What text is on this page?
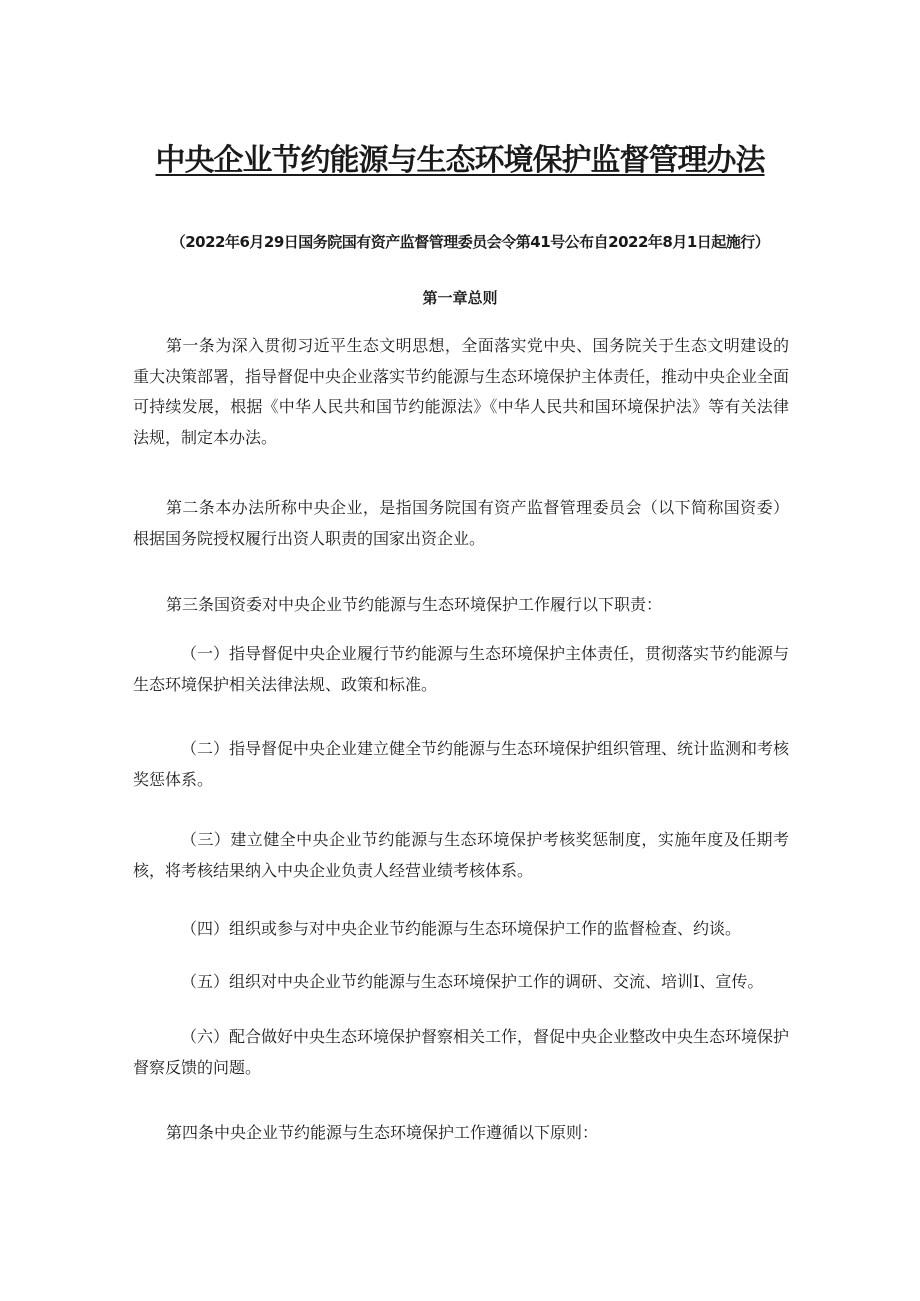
中央企业节约能源与生态环境保护监督管理办法

（2022年6月29日国务院国有资产监督管理委员会令第41号公布自2022年8月1日起施行）

第一章总则

第一条为深入贯彻习近平生态文明思想，全面落实党中央、国务院关于生态文明建设的重大决策部署，指导督促中央企业落实节约能源与生态环境保护主体责任，推动中央企业全面可持续发展，根据《中华人民共和国节约能源法》《中华人民共和国环境保护法》等有关法律法规，制定本办法。

第二条本办法所称中央企业，是指国务院国有资产监督管理委员会（以下简称国资委）根据国务院授权履行出资人职责的国家出资企业。

第三条国资委对中央企业节约能源与生态环境保护工作履行以下职责：

（一）指导督促中央企业履行节约能源与生态环境保护主体责任，贯彻落实节约能源与生态环境保护相关法律法规、政策和标准。

（二）指导督促中央企业建立健全节约能源与生态环境保护组织管理、统计监测和考核奖惩体系。

（三）建立健全中央企业节约能源与生态环境保护考核奖惩制度，实施年度及任期考核，将考核结果纳入中央企业负责人经营业绩考核体系。

（四）组织或参与对中央企业节约能源与生态环境保护工作的监督检查、约谈。

（五）组织对中央企业节约能源与生态环境保护工作的调研、交流、培训I、宣传。

（六）配合做好中央生态环境保护督察相关工作，督促中央企业整改中央生态环境保护督察反馈的问题。

第四条中央企业节约能源与生态环境保护工作遵循以下原则：
